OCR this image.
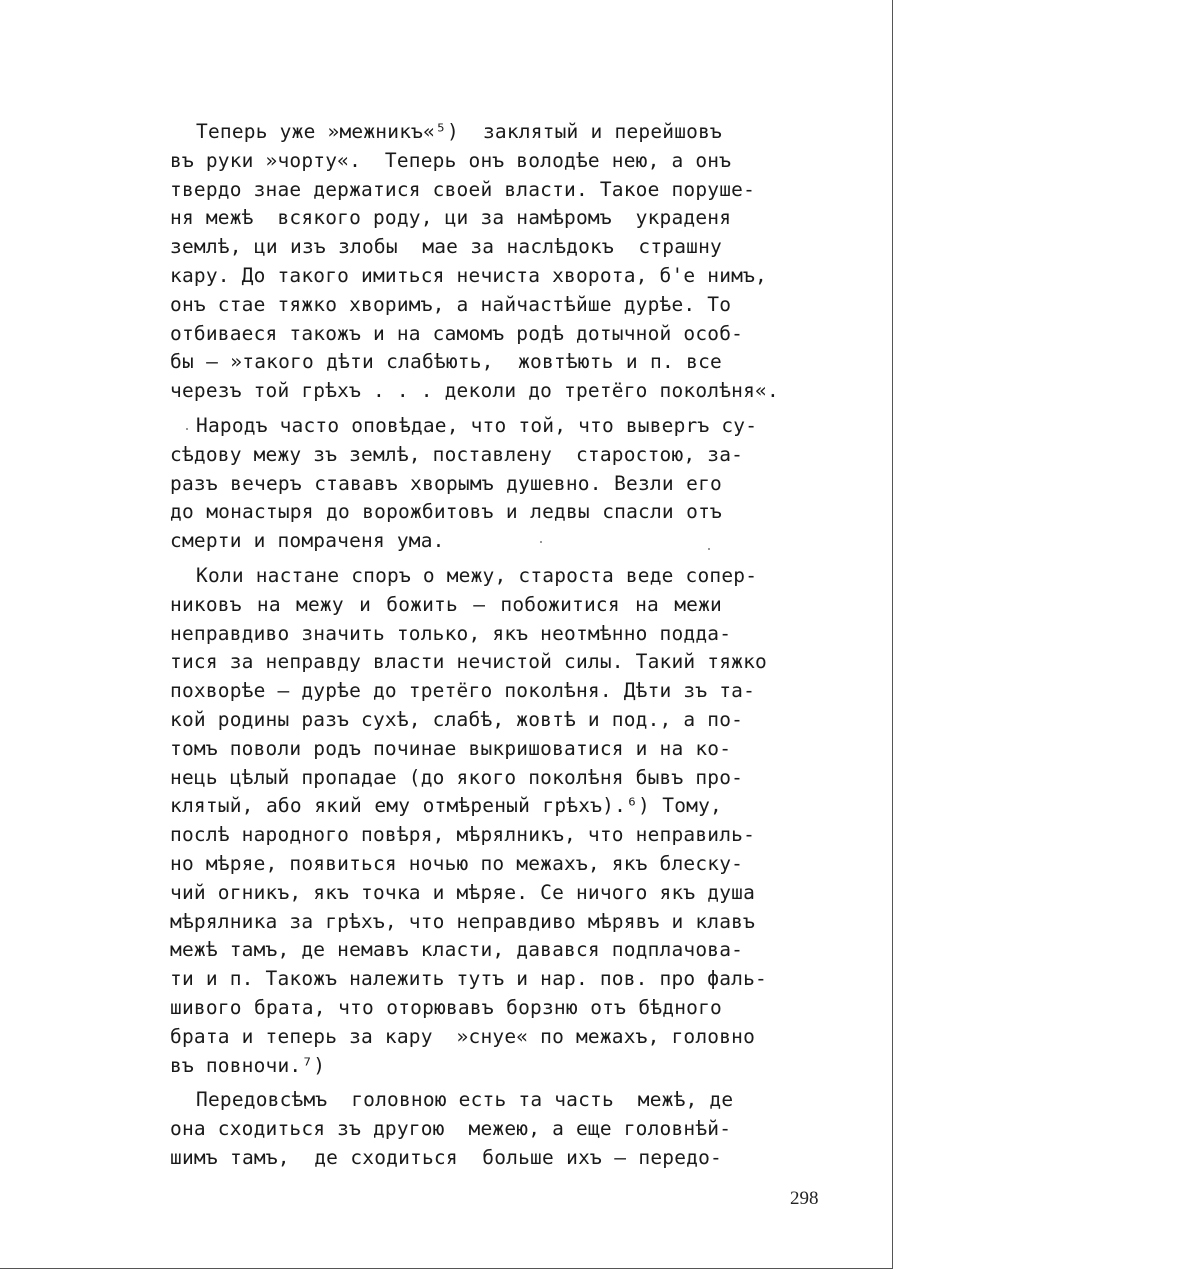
Теперь уже »межникъ«⁵)  заклятый и перейшовъ
въ руки »чорту«.  Теперь онъ володѣе нею, а онъ
твердо знае держатися своей власти. Такое порушe-
ня межѣ  всякого роду, ци за намѣромъ  украденя
землѣ, ци изъ злобы  мае за наслѣдокъ  страшну
кару. До такого имиться нечиста хворота, б'е нимъ,
онъ стае тяжко хворимъ, а найчастѣйше дурѣе. То
отбиваеся такожъ и на самомъ родѣ дотычной особ-
бы — »такого дѣти слабѣють,  жовтѣють и п. все
черезъ той грѣхъ . . . деколи до третёго поколѣня«.
Народъ часто оповѣдае, что той, что выверrъ су-
сѣдову межу зъ землѣ, поставлену  старостою, за-
разъ вечеръ стававъ хворымъ душевно. Везли его
до монастыря до ворожбитовъ и ледвы спасли отъ
смерти и помраченя ума.
Коли настане споръ о межу, староста веде сопер-
никовъ на межу и божить — побожитися на межи
неправдиво значить только, якъ неотмѣнно подда-
тися за неправду власти нечистой силы. Такий тяжко
похворѣе — дурѣе до третёго поколѣня. Дѣти зъ та-
кой родины разъ сухѣ, слабѣ, жовтѣ и под., а по-
томъ поволи родъ починае выкришоватися и на ко-
нець цѣлый пропадае (до якого поколѣня бывъ про-
клятый, або який ему отмѣреный грѣхъ).⁶) Тому,
послѣ народного повѣря, мѣрялникъ, что неправиль-
но мѣряе, появиться ночью по межахъ, якъ блеску-
чий огникъ, якъ точка и мѣряе. Се ничого якъ душа
мѣрялника за грѣхъ, что неправдиво мѣрявъ и клавъ
межѣ тамъ, де немавъ класти, давався подплачова-
ти и п. Такожъ належить тутъ и нар. пов. про фаль-
шивого брата, что оторювавъ борзню отъ бѣдного
брата и теперь за кару  »снуе« по межахъ, головно
въ повночи.⁷)
Передовсѣмъ  головною есть та часть  межѣ, де
она сходиться зъ другою  межею, а еще головнѣй-
шимъ тамъ,  де сходиться  больше ихъ — передо-
298
